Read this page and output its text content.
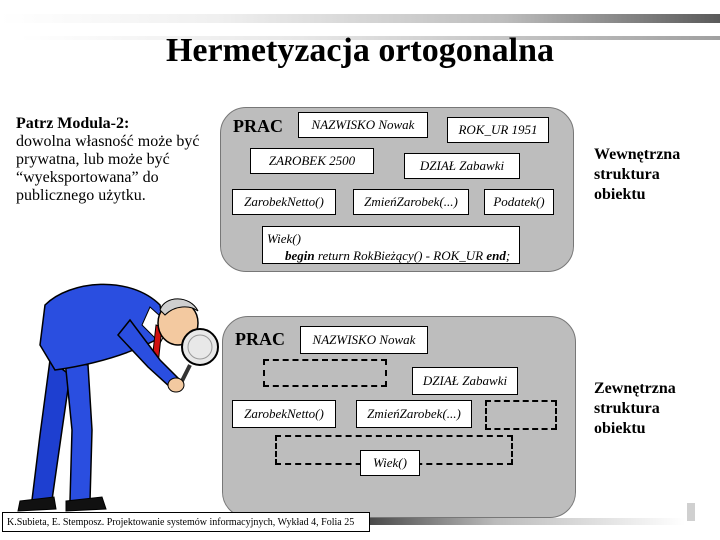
Hermetyzacja ortogonalna
Patrz Modula-2:
dowolna własność może być prywatna, lub może być “wyeksportowana” do publicznego użytku.
PRAC	NAZWISKO Nowak	ROK_UR 1951
ZAROBEK 2500	DZIAŁ Zabawki
ZarobekNetto()	ZmieńZarobek(...)	Podatek()
Wiek()
begin return RokBieżący() - ROK_UR end;
Wewnętrzna struktura obiektu
PRAC	NAZWISKO Nowak
DZIAŁ Zabawki
ZarobekNetto()	ZmieńZarobek(...)
Wiek()
Zewnętrzna struktura obiektu
K.Subieta, E. Stemposz. Projektowanie systemów informacyjnych, Wykład 4, Folia 25
